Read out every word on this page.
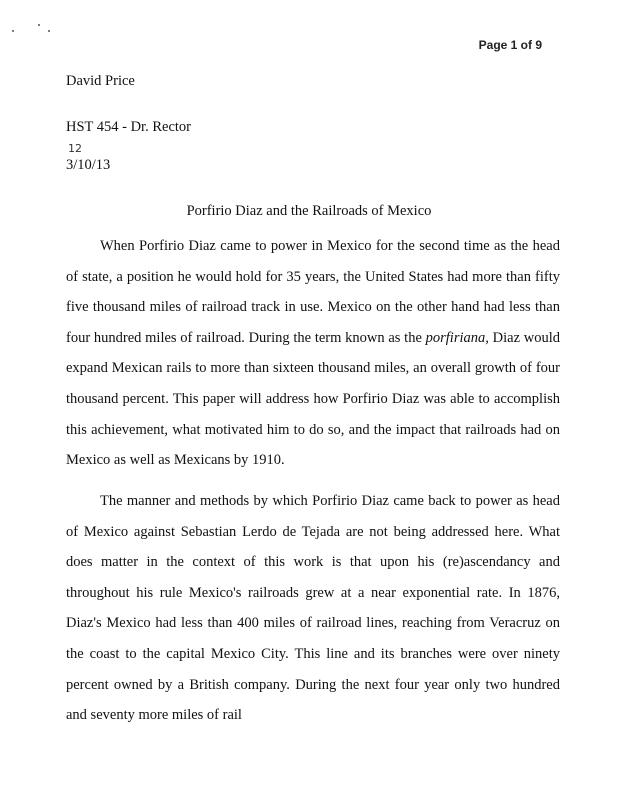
Page 1 of 9
David Price
HST 454 - Dr. Rector
12
3/10/13
Porfirio Diaz and the Railroads of Mexico

When Porfirio Diaz came to power in Mexico for the second time as the head of state, a position he would hold for 35 years, the United States had more than fifty five thousand miles of railroad track in use. Mexico on the other hand had less than four hundred miles of railroad. During the term known as the porfiriana, Diaz would expand Mexican rails to more than sixteen thousand miles, an overall growth of four thousand percent. This paper will address how Porfirio Diaz was able to accomplish this achievement, what motivated him to do so, and the impact that railroads had on Mexico as well as Mexicans by 1910.

The manner and methods by which Porfirio Diaz came back to power as head of Mexico against Sebastian Lerdo de Tejada are not being addressed here. What does matter in the context of this work is that upon his (re)ascendancy and throughout his rule Mexico's railroads grew at a near exponential rate. In 1876, Diaz's Mexico had less than 400 miles of railroad lines, reaching from Veracruz on the coast to the capital Mexico City. This line and its branches were over ninety percent owned by a British company. During the next four year only two hundred and seventy more miles of rail
